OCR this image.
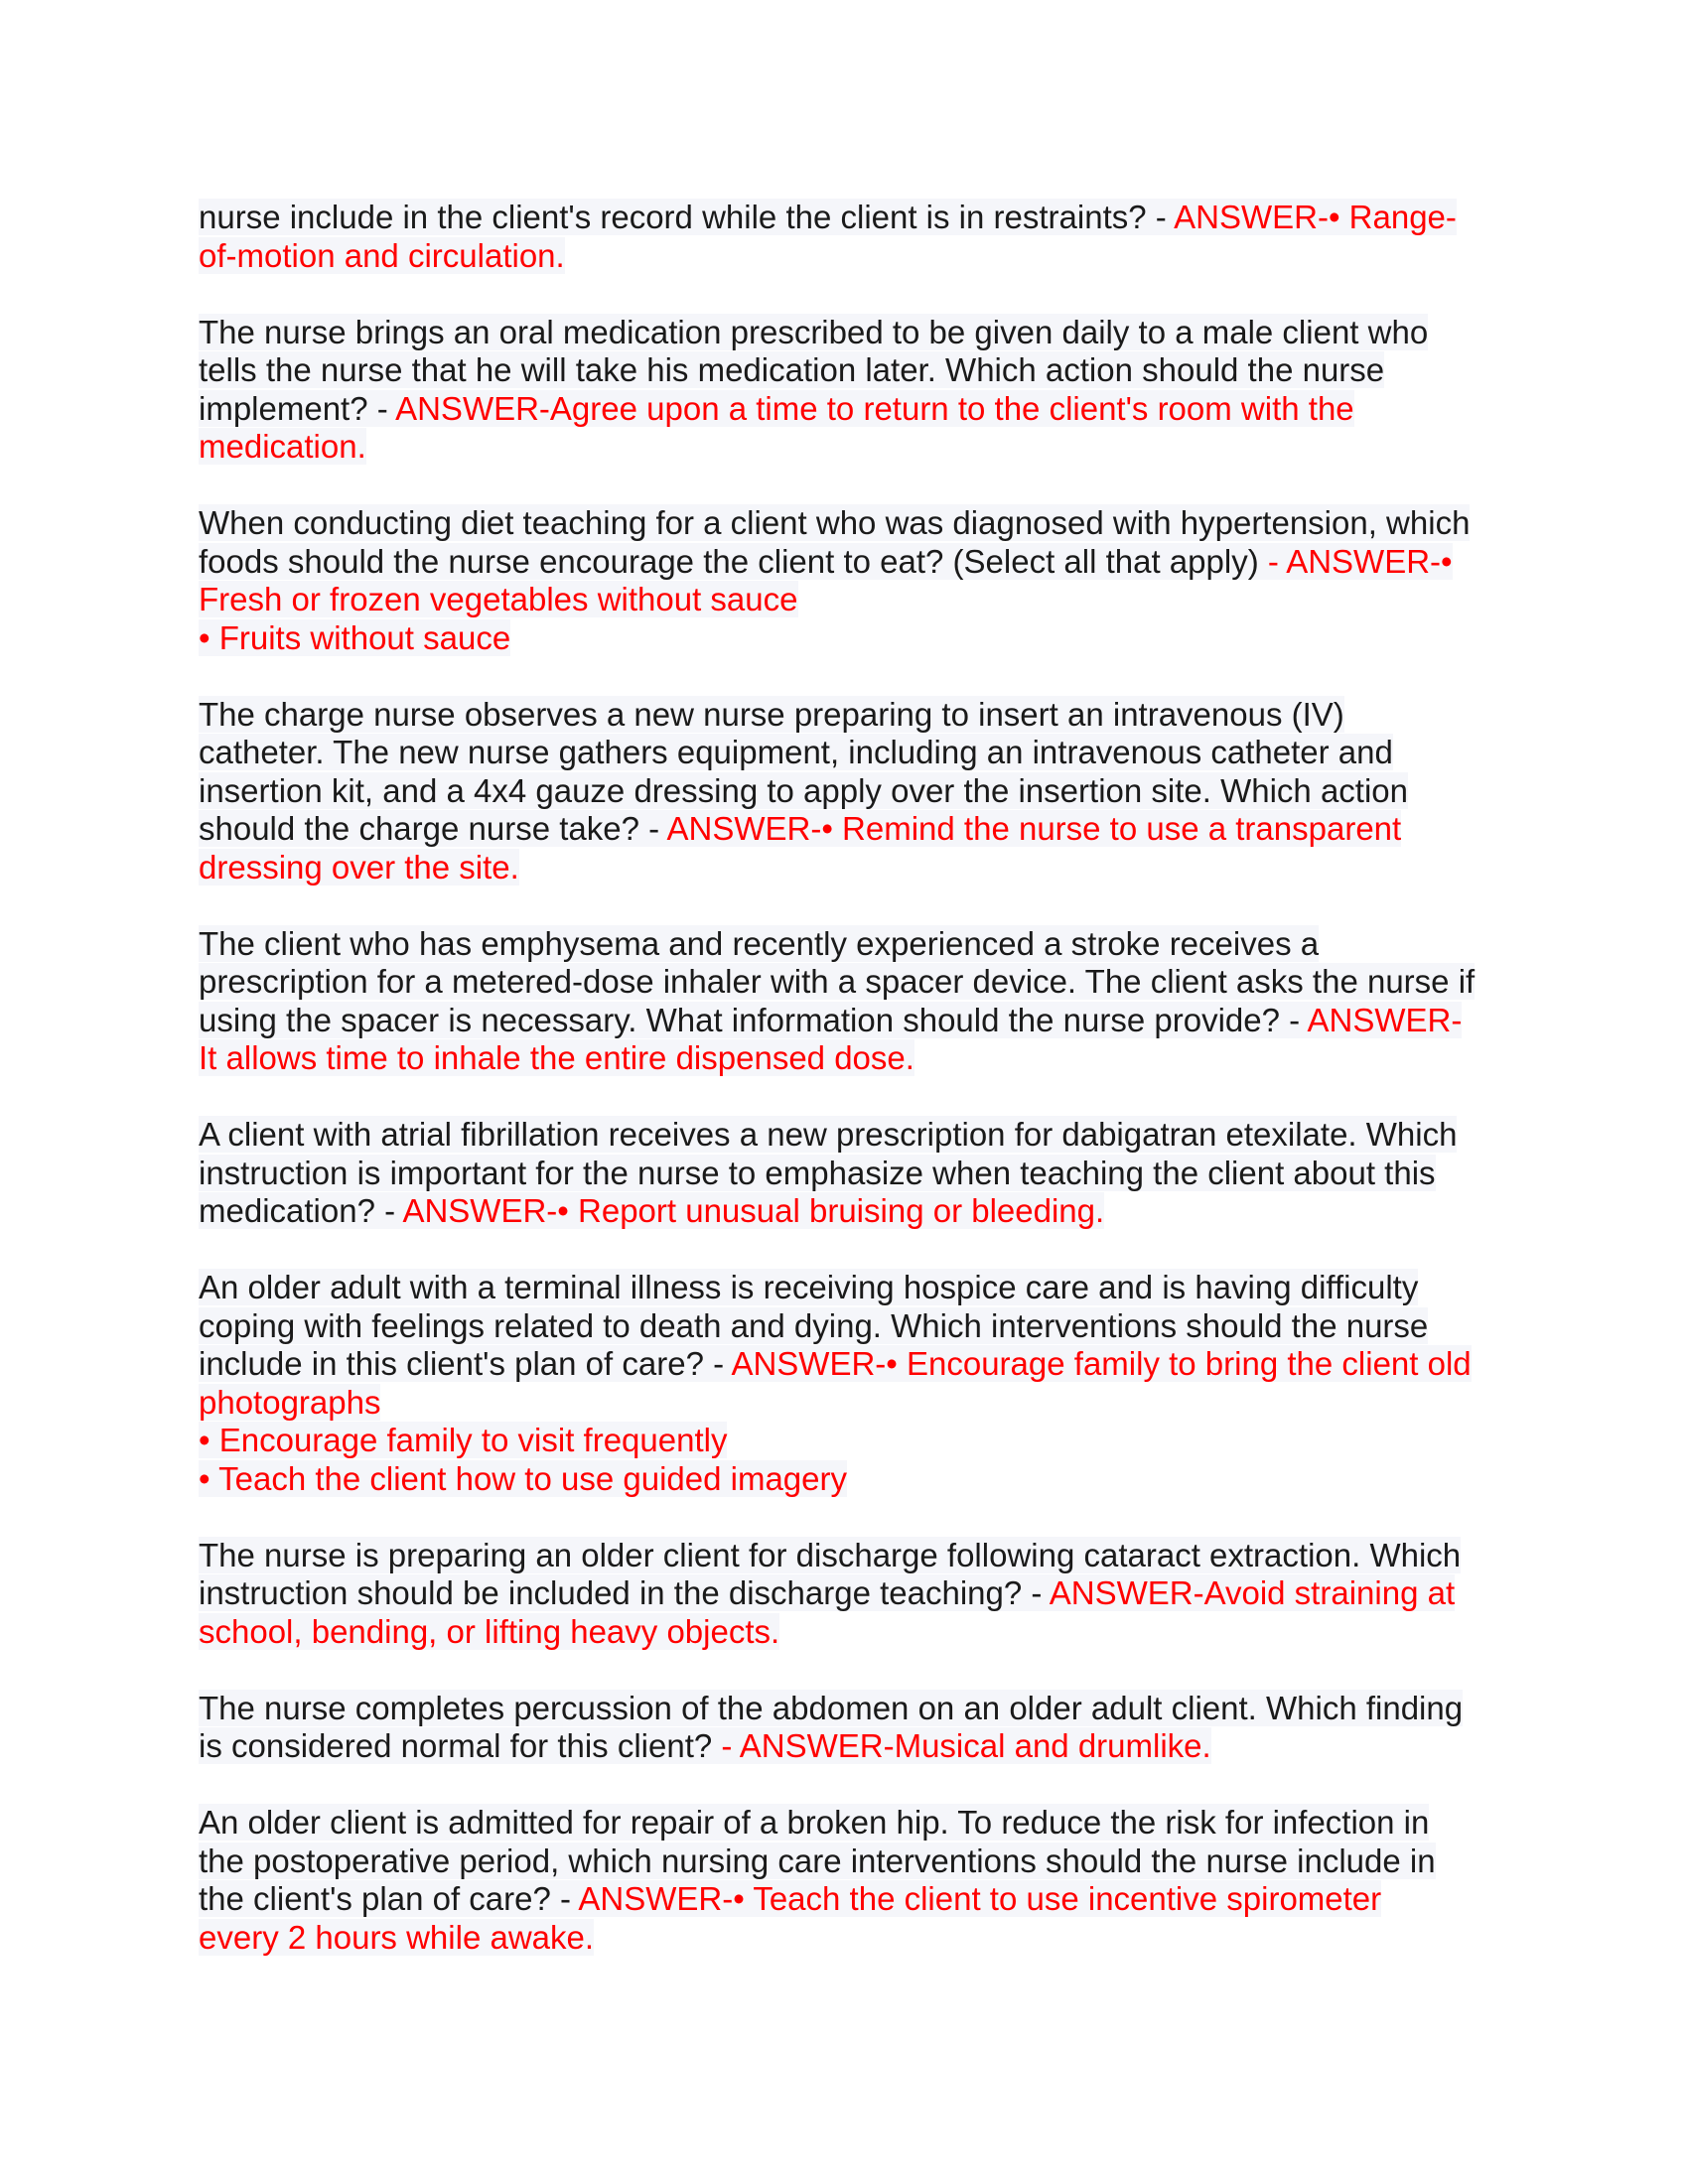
nurse include in the client's record while the client is in restraints? - ANSWER-• Range-
of-motion and circulation.
The nurse brings an oral medication prescribed to be given daily to a male client who
tells the nurse that he will take his medication later. Which action should the nurse
implement? - ANSWER-Agree upon a time to return to the client's room with the
medication.
When conducting diet teaching for a client who was diagnosed with hypertension, which
foods should the nurse encourage the client to eat? (Select all that apply) - ANSWER-•
Fresh or frozen vegetables without sauce
• Fruits without sauce
The charge nurse observes a new nurse preparing to insert an intravenous (IV)
catheter. The new nurse gathers equipment, including an intravenous catheter and
insertion kit, and a 4x4 gauze dressing to apply over the insertion site. Which action
should the charge nurse take? - ANSWER-• Remind the nurse to use a transparent
dressing over the site.
The client who has emphysema and recently experienced a stroke receives a
prescription for a metered-dose inhaler with a spacer device. The client asks the nurse if
using the spacer is necessary. What information should the nurse provide? - ANSWER-
It allows time to inhale the entire dispensed dose.
A client with atrial fibrillation receives a new prescription for dabigatran etexilate. Which
instruction is important for the nurse to emphasize when teaching the client about this
medication? - ANSWER-• Report unusual bruising or bleeding.
An older adult with a terminal illness is receiving hospice care and is having difficulty
coping with feelings related to death and dying. Which interventions should the nurse
include in this client's plan of care? - ANSWER-• Encourage family to bring the client old
photographs
• Encourage family to visit frequently
• Teach the client how to use guided imagery
The nurse is preparing an older client for discharge following cataract extraction. Which
instruction should be included in the discharge teaching? - ANSWER-Avoid straining at
school, bending, or lifting heavy objects.
The nurse completes percussion of the abdomen on an older adult client. Which finding
is considered normal for this client? - ANSWER-Musical and drumlike.
An older client is admitted for repair of a broken hip. To reduce the risk for infection in
the postoperative period, which nursing care interventions should the nurse include in
the client's plan of care? - ANSWER-• Teach the client to use incentive spirometer
every 2 hours while awake.
